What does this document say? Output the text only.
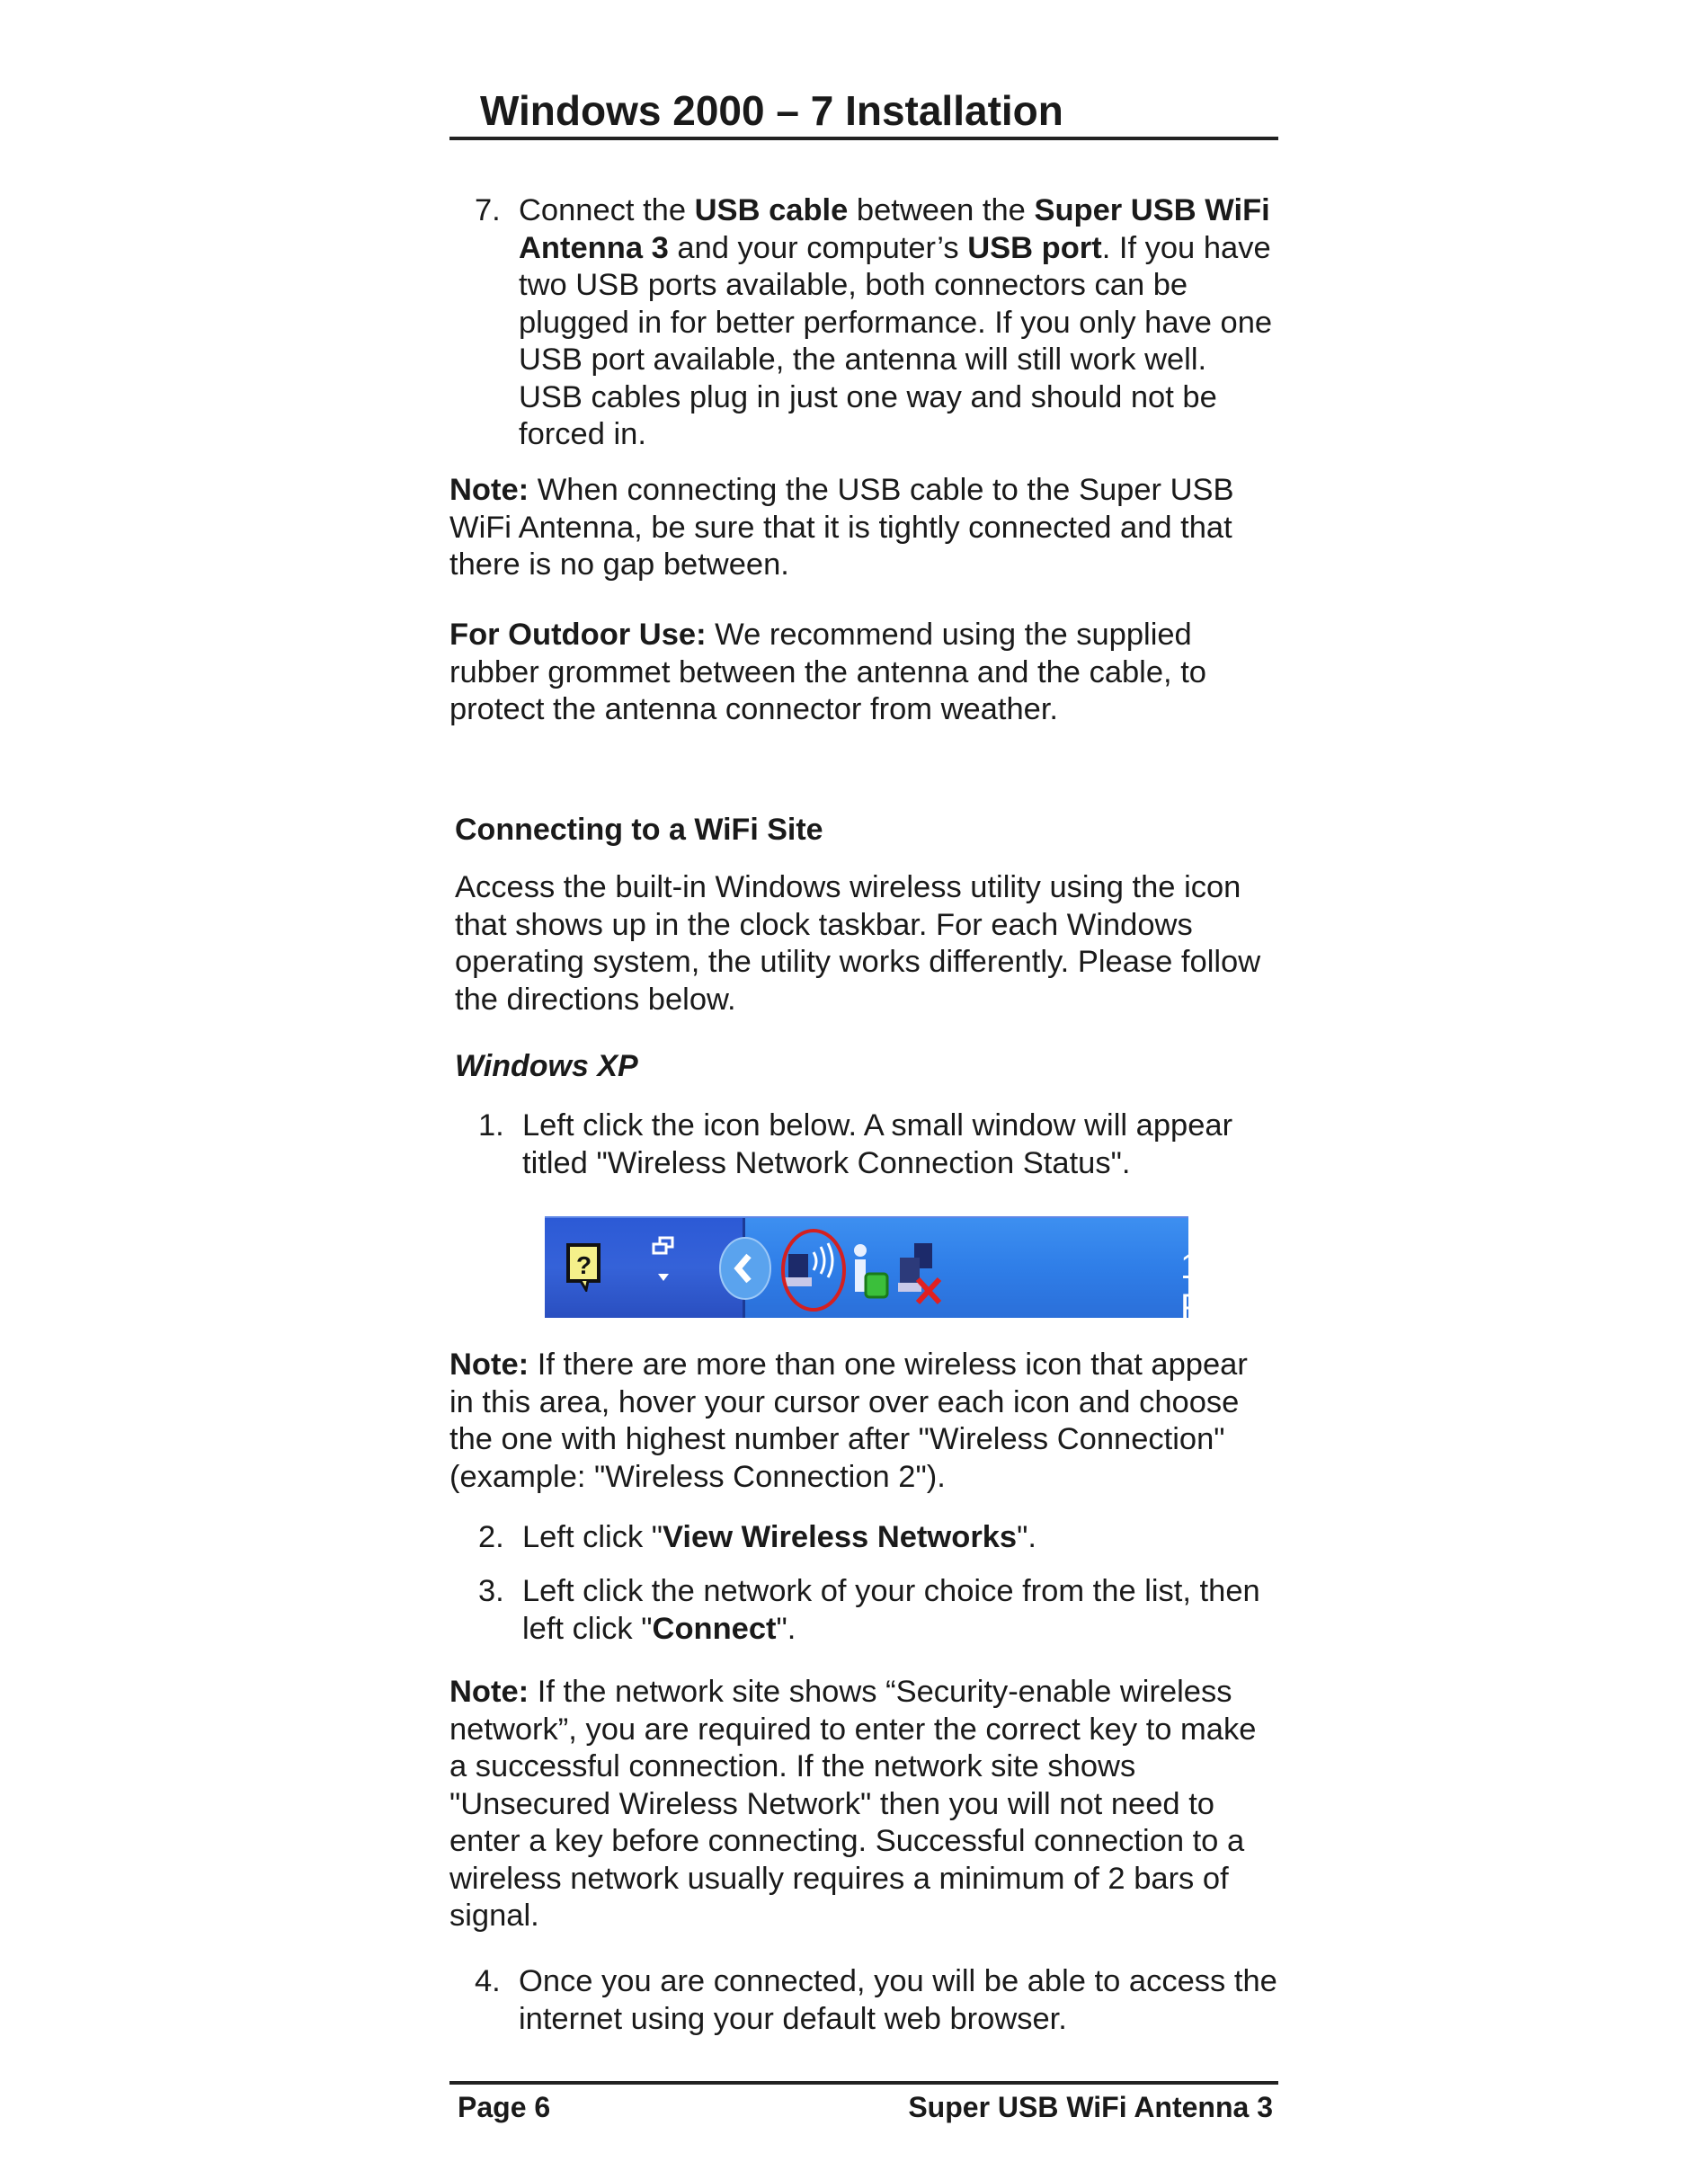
Windows 2000 – 7 Installation
7. Connect the USB cable between the Super USB WiFi Antenna 3 and your computer’s USB port. If you have two USB ports available, both connectors can be plugged in for better performance. If you only have one USB port available, the antenna will still work well. USB cables plug in just one way and should not be forced in.
Note: When connecting the USB cable to the Super USB WiFi Antenna, be sure that it is tightly connected and that there is no gap between.
For Outdoor Use: We recommend using the supplied rubber grommet between the antenna and the cable, to protect the antenna connector from weather.
Connecting to a WiFi Site
Access the built-in Windows wireless utility using the icon that shows up in the clock taskbar. For each Windows operating system, the utility works differently. Please follow the directions below.
Windows XP
1. Left click the icon below. A small window will appear titled "Wireless Network Connection Status".
?	12:22 PM
Note: If there are more than one wireless icon that appear in this area, hover your cursor over each icon and choose the one with highest number after "Wireless Connection" (example: "Wireless Connection 2").
2. Left click "View Wireless Networks".
3. Left click the network of your choice from the list, then left click "Connect".
Note: If the network site shows “Security-enable wireless network”, you are required to enter the correct key to make a successful connection. If the network site shows "Unsecured Wireless Network" then you will not need to enter a key before connecting. Successful connection to a wireless network usually requires a minimum of 2 bars of signal.
4. Once you are connected, you will be able to access the internet using your default web browser.
Page 6	Super USB WiFi Antenna 3
